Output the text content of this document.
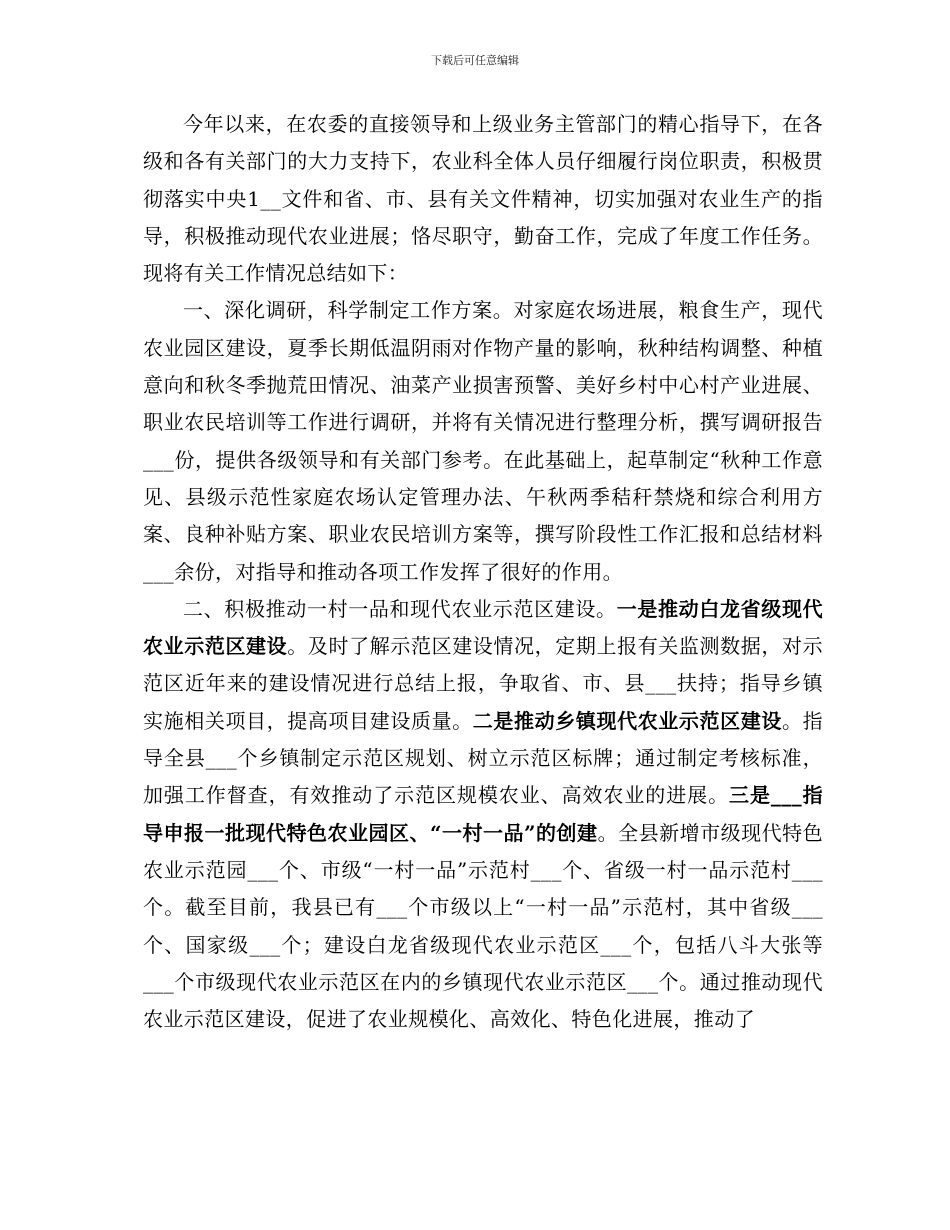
下载后可任意编辑

今年以来，在农委的直接领导和上级业务主管部门的精心指导下，在各级和各有关部门的大力支持下，农业科全体人员仔细履行岗位职责，积极贯彻落实中央1__文件和省、市、县有关文件精神，切实加强对农业生产的指导，积极推动现代农业进展；恪尽职守，勤奋工作，完成了年度工作任务。现将有关工作情况总结如下：

一、深化调研，科学制定工作方案。对家庭农场进展，粮食生产，现代农业园区建设，夏季长期低温阴雨对作物产量的影响，秋种结构调整、种植意向和秋冬季抛荒田情况、油菜产业损害预警、美好乡村中心村产业进展、职业农民培训等工作进行调研，并将有关情况进行整理分析，撰写调研报告___份，提供各级领导和有关部门参考。在此基础上，起草制定“秋种工作意见、县级示范性家庭农场认定管理办法、午秋两季秸秆禁烧和综合利用方案、良种补贴方案、职业农民培训方案等，撰写阶段性工作汇报和总结材料___余份，对指导和推动各项工作发挥了很好的作用。

二、积极推动一村一品和现代农业示范区建设。一是推动白龙省级现代农业示范区建设。及时了解示范区建设情况，定期上报有关监测数据，对示范区近年来的建设情况进行总结上报，争取省、市、县___扶持；指导乡镇实施相关项目，提高项目建设质量。二是推动乡镇现代农业示范区建设。指导全县___个乡镇制定示范区规划、树立示范区标牌；通过制定考核标准，加强工作督查，有效推动了示范区规模农业、高效农业的进展。三是___指导申报一批现代特色农业园区、“一村一品”的创建。全县新增市级现代特色农业示范园___个、市级“一村一品”示范村___个、省级一村一品示范村___个。截至目前，我县已有___个市级以上“一村一品”示范村，其中省级___个、国家级___个；建设白龙省级现代农业示范区___个，包括八斗大张等___个市级现代农业示范区在内的乡镇现代农业示范区___个。通过推动现代农业示范区建设，促进了农业规模化、高效化、特色化进展，推动了
